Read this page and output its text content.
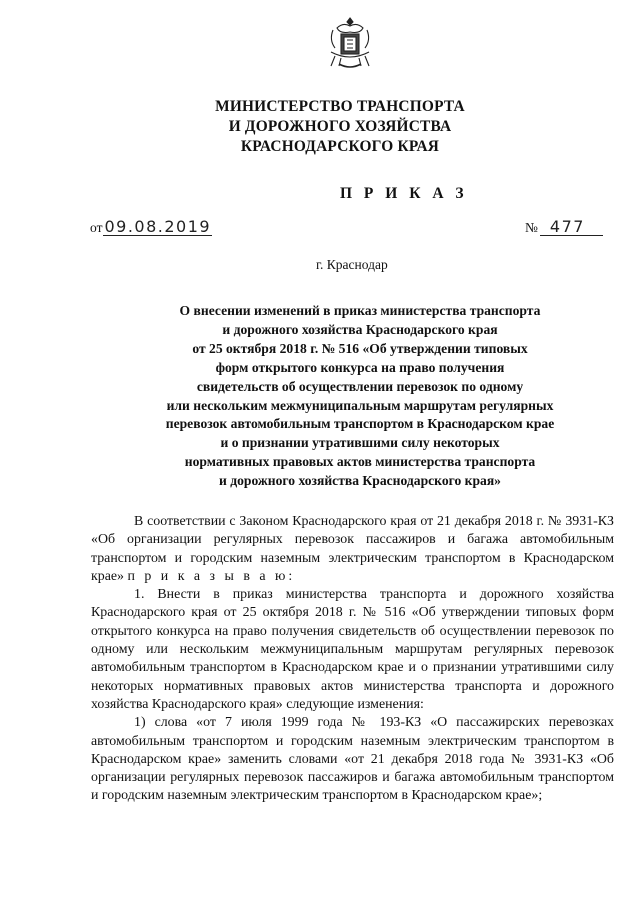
МИНИСТЕРСТВО ТРАНСПОРТА
И ДОРОЖНОГО ХОЗЯЙСТВА
КРАСНОДАРСКОГО КРАЯ
П Р И К А З
от 09.08.2019	№ 477
г. Краснодар
О внесении изменений в приказ министерства транспорта
и дорожного хозяйства Краснодарского края
от 25 октября 2018 г. № 516 «Об утверждении типовых
форм открытого конкурса на право получения
свидетельств об осуществлении перевозок по одному
или нескольким межмуниципальным маршрутам регулярных
перевозок автомобильным транспортом в Краснодарском крае
и о признании утратившими силу некоторых
нормативных правовых актов министерства транспорта
и дорожного хозяйства Краснодарского края»

В соответствии с Законом Краснодарского края от 21 декабря 2018 г. № 3931-КЗ «Об организации регулярных перевозок пассажиров и багажа автомобильным транспортом и городским наземным электрическим транспортом в Краснодарском крае» п р и к а з ы в а ю:

1. Внести в приказ министерства транспорта и дорожного хозяйства Краснодарского края от 25 октября 2018 г. № 516 «Об утверждении типовых форм открытого конкурса на право получения свидетельств об осуществлении перевозок по одному или нескольким межмуниципальным маршрутам регулярных перевозок автомобильным транспортом в Краснодарском крае и о признании утратившими силу некоторых нормативных правовых актов министерства транспорта и дорожного хозяйства Краснодарского края» следующие изменения:

1) слова «от 7 июля 1999 года № 193-КЗ «О пассажирских перевозках автомобильным транспортом и городским наземным электрическим транспортом в Краснодарском крае» заменить словами «от 21 декабря 2018 года № 3931-КЗ «Об организации регулярных перевозок пассажиров и багажа автомобильным транспортом и городским наземным электрическим транспортом в Краснодарском крае»;
